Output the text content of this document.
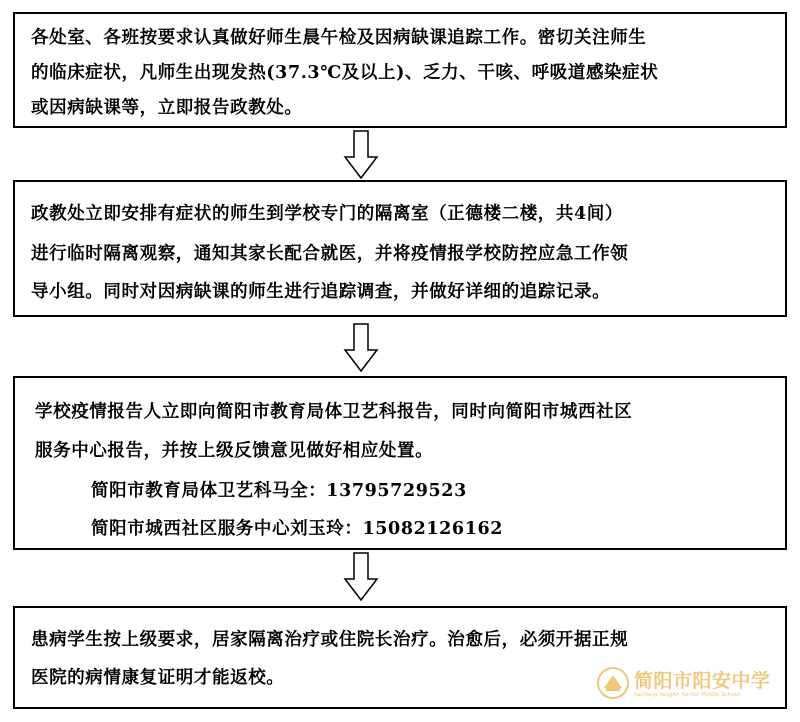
各处室、各班按要求认真做好师生晨午检及因病缺课追踪工作。密切关注师生
的临床症状，凡师生出现发热(37.3℃及以上)、乏力、干咳、呼吸道感染症状
或因病缺课等，立即报告政教处。
政教处立即安排有症状的师生到学校专门的隔离室（正德楼二楼，共4间）
进行临时隔离观察，通知其家长配合就医，并将疫情报学校防控应急工作领
导小组。同时对因病缺课的师生进行追踪调查，并做好详细的追踪记录。
学校疫情报告人立即向简阳市教育局体卫艺科报告，同时向简阳市城西社区
服务中心报告，并按上级反馈意见做好相应处置。
简阳市教育局体卫艺科马全：13795729523
简阳市城西社区服务中心刘玉玲：15082126162
患病学生按上级要求，居家隔离治疗或住院长治疗。治愈后，必须开据正规
医院的病情康复证明才能返校。	简阳市阳安中学
JianYang YangAn Senior Middle School
